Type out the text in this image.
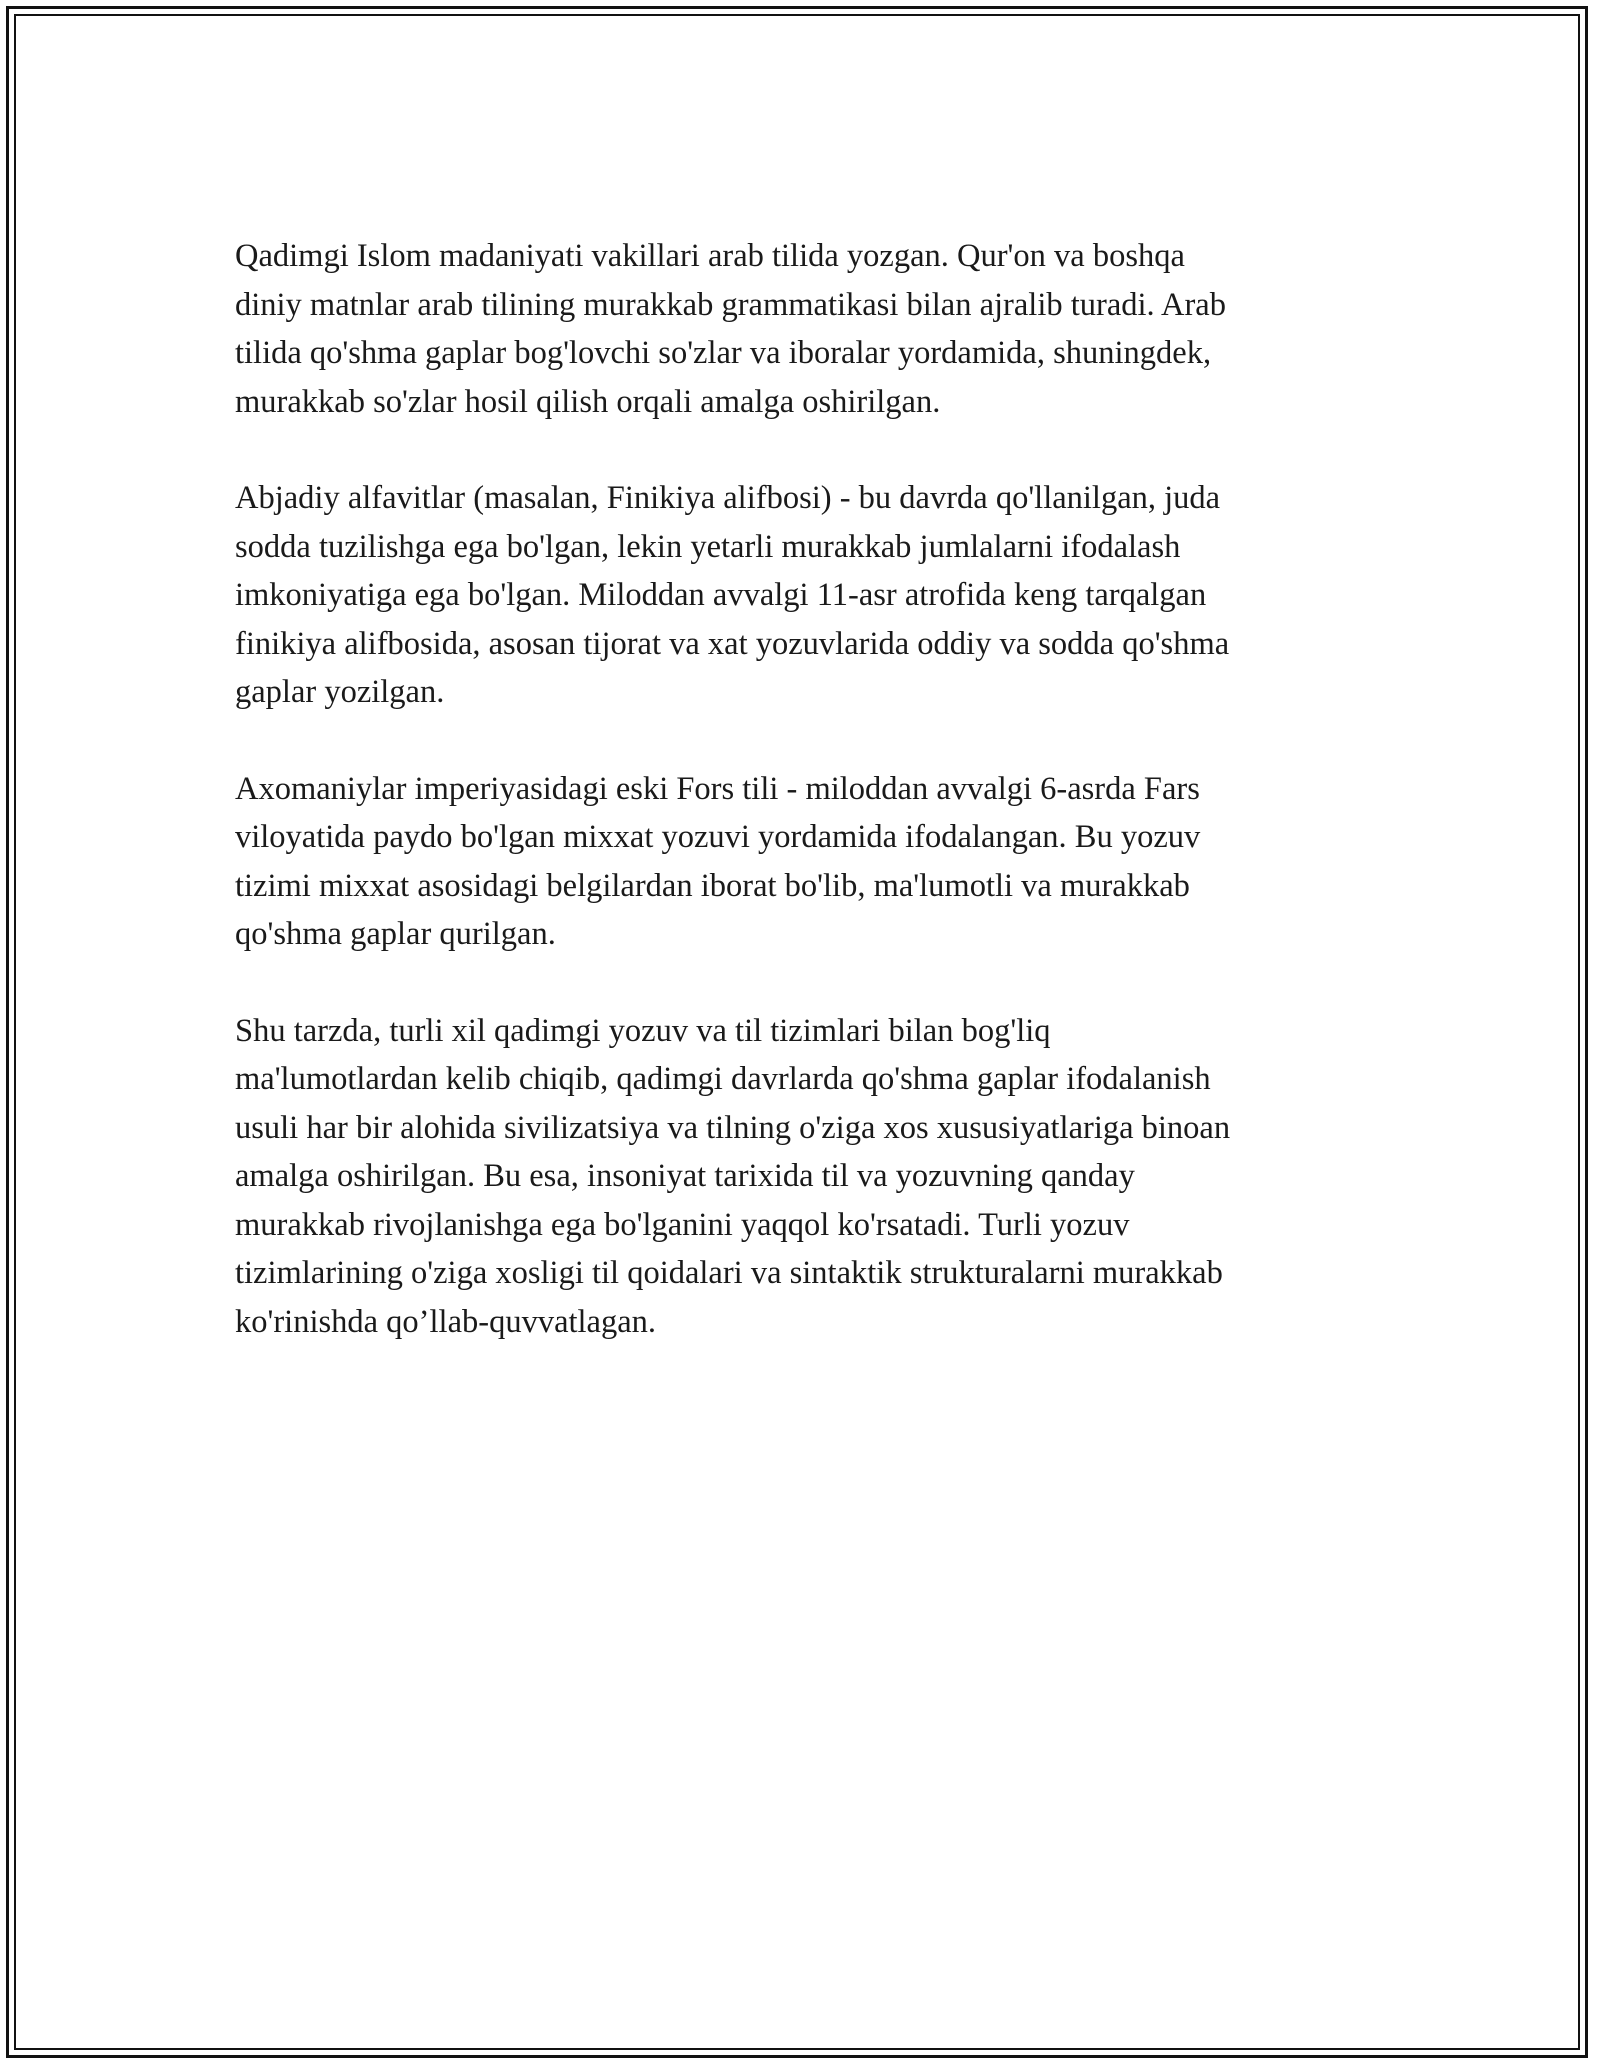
Qadimgi Islom madaniyati vakillari arab tilida yozgan. Qur'on va boshqa
diniy matnlar arab tilining murakkab grammatikasi bilan ajralib turadi. Arab
tilida qo'shma gaplar bog'lovchi so'zlar va iboralar yordamida, shuningdek,
murakkab so'zlar hosil qilish orqali amalga oshirilgan.

Abjadiy alfavitlar (masalan, Finikiya alifbosi) - bu davrda qo'llanilgan, juda
sodda tuzilishga ega bo'lgan, lekin yetarli murakkab jumlalarni ifodalash
imkoniyatiga ega bo'lgan. Miloddan avvalgi 11-asr atrofida keng tarqalgan
finikiya alifbosida, asosan tijorat va xat yozuvlarida oddiy va sodda qo'shma
gaplar yozilgan.

Axomaniylar imperiyasidagi eski Fors tili - miloddan avvalgi 6-asrda Fars
viloyatida paydo bo'lgan mixxat yozuvi yordamida ifodalangan. Bu yozuv
tizimi mixxat asosidagi belgilardan iborat bo'lib, ma'lumotli va murakkab
qo'shma gaplar qurilgan.

Shu tarzda, turli xil qadimgi yozuv va til tizimlari bilan bog'liq
ma'lumotlardan kelib chiqib, qadimgi davrlarda qo'shma gaplar ifodalanish
usuli har bir alohida sivilizatsiya va tilning o'ziga xos xususiyatlariga binoan
amalga oshirilgan. Bu esa, insoniyat tarixida til va yozuvning qanday
murakkab rivojlanishga ega bo'lganini yaqqol ko'rsatadi. Turli yozuv
tizimlarining o'ziga xosligi til qoidalari va sintaktik strukturalarni murakkab
ko'rinishda qo’llab-quvvatlagan.
